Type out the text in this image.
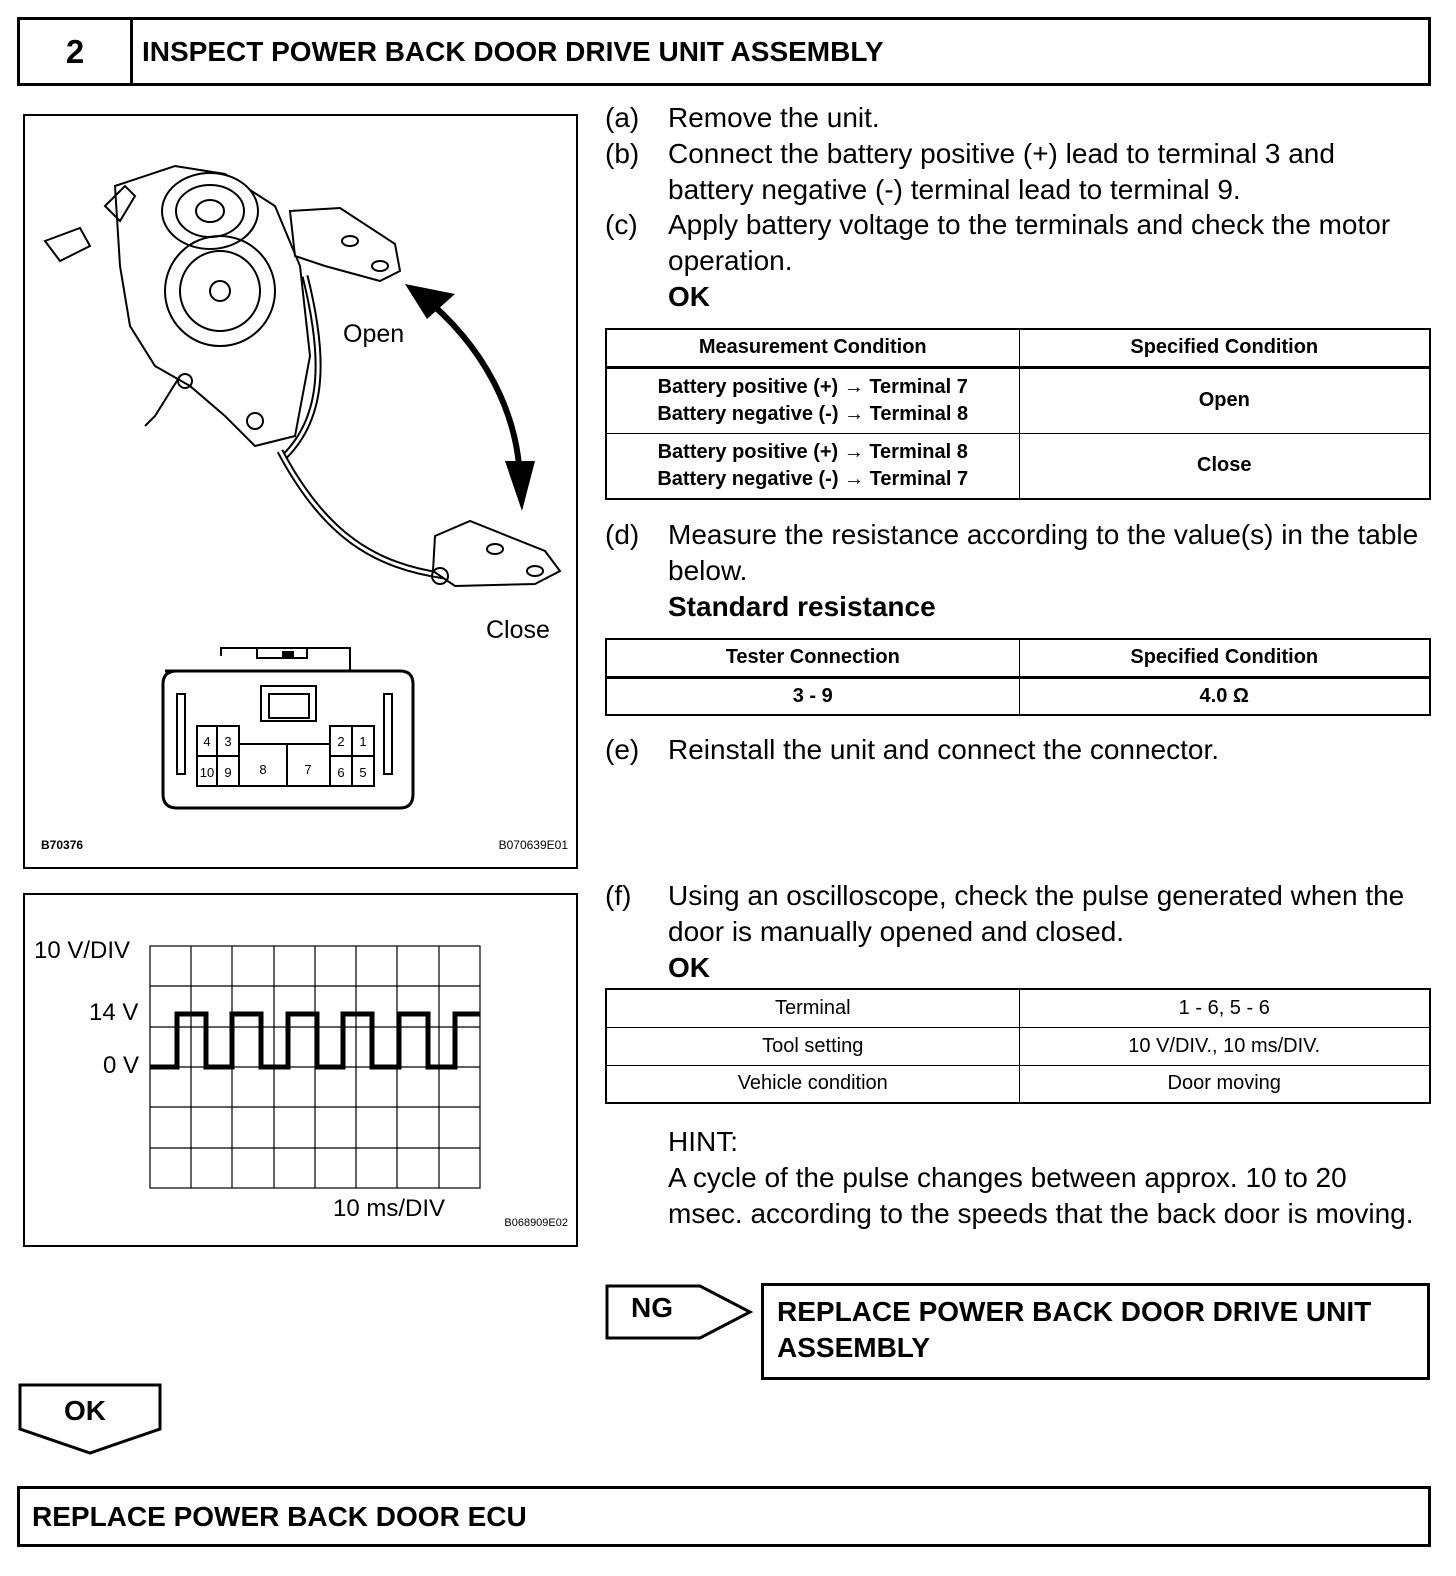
2	INSPECT POWER BACK DOOR DRIVE UNIT ASSEMBLY
4 3	2 1
10 9 8	7 6 5
Open
Close
B70376	B070639E01
10 V/DIV
14 V
0 V
10 ms/DIV
B068909E02
(a) Remove the unit.
(b) Connect the battery positive (+) lead to terminal 3 and battery negative (-) terminal lead to terminal 9.
(c) Apply battery voltage to the terminals and check the motor operation.
OK
Measurement Condition	Specified Condition

Battery positive (+) → Terminal 7
Battery negative (-) → Terminal 8	Open

Battery positive (+) → Terminal 8
Battery negative (-) → Terminal 7	Close
(d) Measure the resistance according to the value(s) in the table below.
Standard resistance
Tester Connection	Specified Condition
3 - 9	4.0 Ω
(e) Reinstall the unit and connect the connector.
(f) Using an oscilloscope, check the pulse generated when the door is manually opened and closed.
OK
Terminal	1 - 6, 5 - 6
Tool setting	10 V/DIV., 10 ms/DIV.
Vehicle condition	Door moving
HINT:
A cycle of the pulse changes between approx. 10 to 20 msec. according to the speeds that the back door is moving.
NG	REPLACE POWER BACK DOOR DRIVE UNIT ASSEMBLY
OK
REPLACE POWER BACK DOOR ECU
